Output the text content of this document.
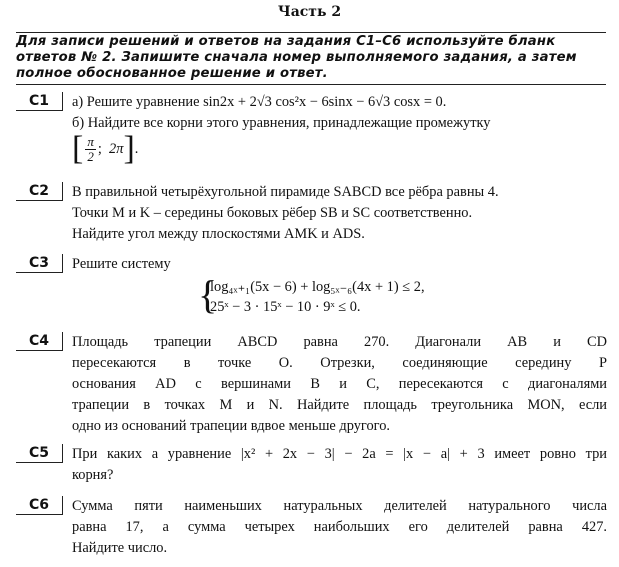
Часть 2
Для записи решений и ответов на задания С1–С6 используйте бланк ответов № 2. Запишите сначала номер выполняемого задания, а затем полное обоснованное решение и ответ.
С1	а) Решите уравнение sin2x + 2√3 cos²x − 6sinx − 6√3 cosx = 0.
б) Найдите все корни этого уравнения, принадлежащие промежутку
[ $\frac{\pi}{2}$ ;
2π ] .
С2	В правильной четырёхугольной пирамиде SABCD все рёбра равны 4.
Точки M и K – середины боковых рёбер SB и SC соответственно.
Найдите угол между плоскостями AMK и ADS.
С3	Решите систему
{
log₄ₓ₊₁(5x − 6) + log₅ₓ₋₆(4x + 1) ≤ 2,
25ˣ − 3 · 15ˣ − 10 · 9ˣ ≤ 0.
С4	Площадь трапеции ABCD равна 270. Диагонали AB и CD
пересекаются в точке O. Отрезки, соединяющие середину P
основания AD с вершинами B и C, пересекаются с диагоналями
трапеции в точках M и N. Найдите площадь треугольника MON, если
одно из оснований трапеции вдвое меньше другого.
С5	При каких a уравнение |x² + 2x − 3| − 2a = |x − a| + 3 имеет ровно три
корня?
С6	Сумма пяти наименьших натуральных делителей натурального числа
равна 17, а сумма четырех наибольших его делителей равна 427.
Найдите число.
